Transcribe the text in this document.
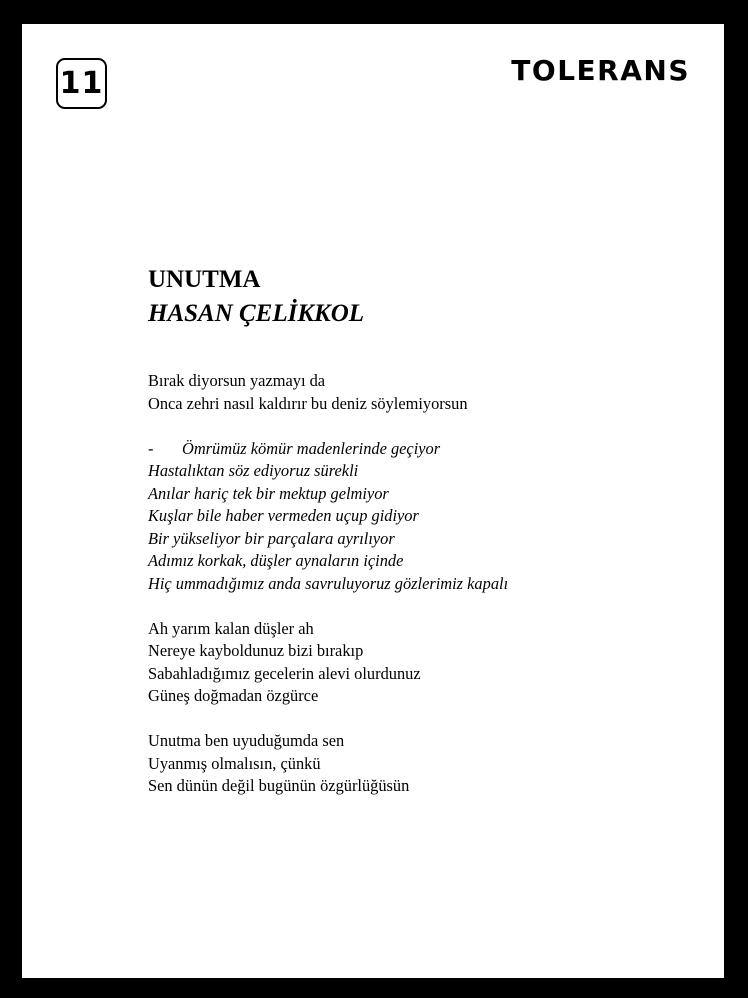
11	TOLERANS
UNUTMA
HASAN ÇELİKKOL
Bırak diyorsun yazmayı da
Onca zehri nasıl kaldırır bu deniz söylemiyorsun
- Ömrümüz kömür madenlerinde geçiyor
Hastalıktan söz ediyoruz sürekli
Anılar hariç tek bir mektup gelmiyor
Kuşlar bile haber vermeden uçup gidiyor
Bir yükseliyor bir parçalara ayrılıyor
Adımız korkak, düşler aynaların içinde
Hiç ummadığımız anda savruluyoruz gözlerimiz kapalı
Ah yarım kalan düşler ah
Nereye kayboldunuz bizi bırakıp
Sabahladığımız gecelerin alevi olurdunuz
Güneş doğmadan özgürce
Unutma ben uyuduğumda sen
Uyanmış olmalısın, çünkü
Sen dünün değil bugünün özgürlüğüsün
